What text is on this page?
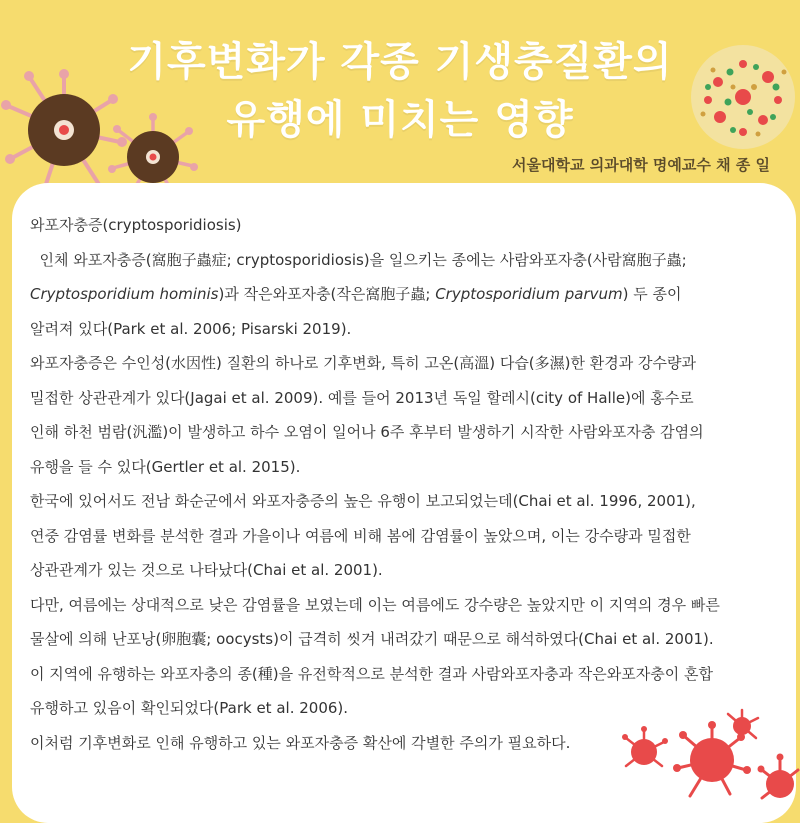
기후변화가 각종 기생충질환의
유행에 미치는 영향
서울대학교 의과대학 명예교수 채 종 일

와포자충증(cryptosporidiosis)

인체 와포자충증(窩胞子蟲症; cryptosporidiosis)을 일으키는 종에는 사람와포자충(사람窩胞子蟲;

Cryptosporidium hominis)과 작은와포자충(작은窩胞子蟲; Cryptosporidium parvum) 두 종이

알려져 있다(Park et al. 2006; Pisarski 2019).

와포자충증은 수인성(水因性) 질환의 하나로 기후변화, 특히 고온(高溫) 다습(多濕)한 환경과 강수량과

밀접한 상관관계가 있다(Jagai et al. 2009). 예를 들어 2013년 독일 할레시(city of Halle)에 홍수로

인해 하천 범람(汎濫)이 발생하고 하수 오염이 일어나 6주 후부터 발생하기 시작한 사람와포자충 감염의

유행을 들 수 있다(Gertler et al. 2015).

한국에 있어서도 전남 화순군에서 와포자충증의 높은 유행이 보고되었는데(Chai et al. 1996, 2001),

연중 감염률 변화를 분석한 결과 가을이나 여름에 비해 봄에 감염률이 높았으며, 이는 강수량과 밀접한

상관관계가 있는 것으로 나타났다(Chai et al. 2001).

다만, 여름에는 상대적으로 낮은 감염률을 보였는데 이는 여름에도 강수량은 높았지만 이 지역의 경우 빠른

물살에 의해 난포낭(卵胞囊; oocysts)이 급격히 씻겨 내려갔기 때문으로 해석하였다(Chai et al. 2001).

이 지역에 유행하는 와포자충의 종(種)을 유전학적으로 분석한 결과 사람와포자충과 작은와포자충이 혼합

유행하고 있음이 확인되었다(Park et al. 2006).

이처럼 기후변화로 인해 유행하고 있는 와포자충증 확산에 각별한 주의가 필요하다.
